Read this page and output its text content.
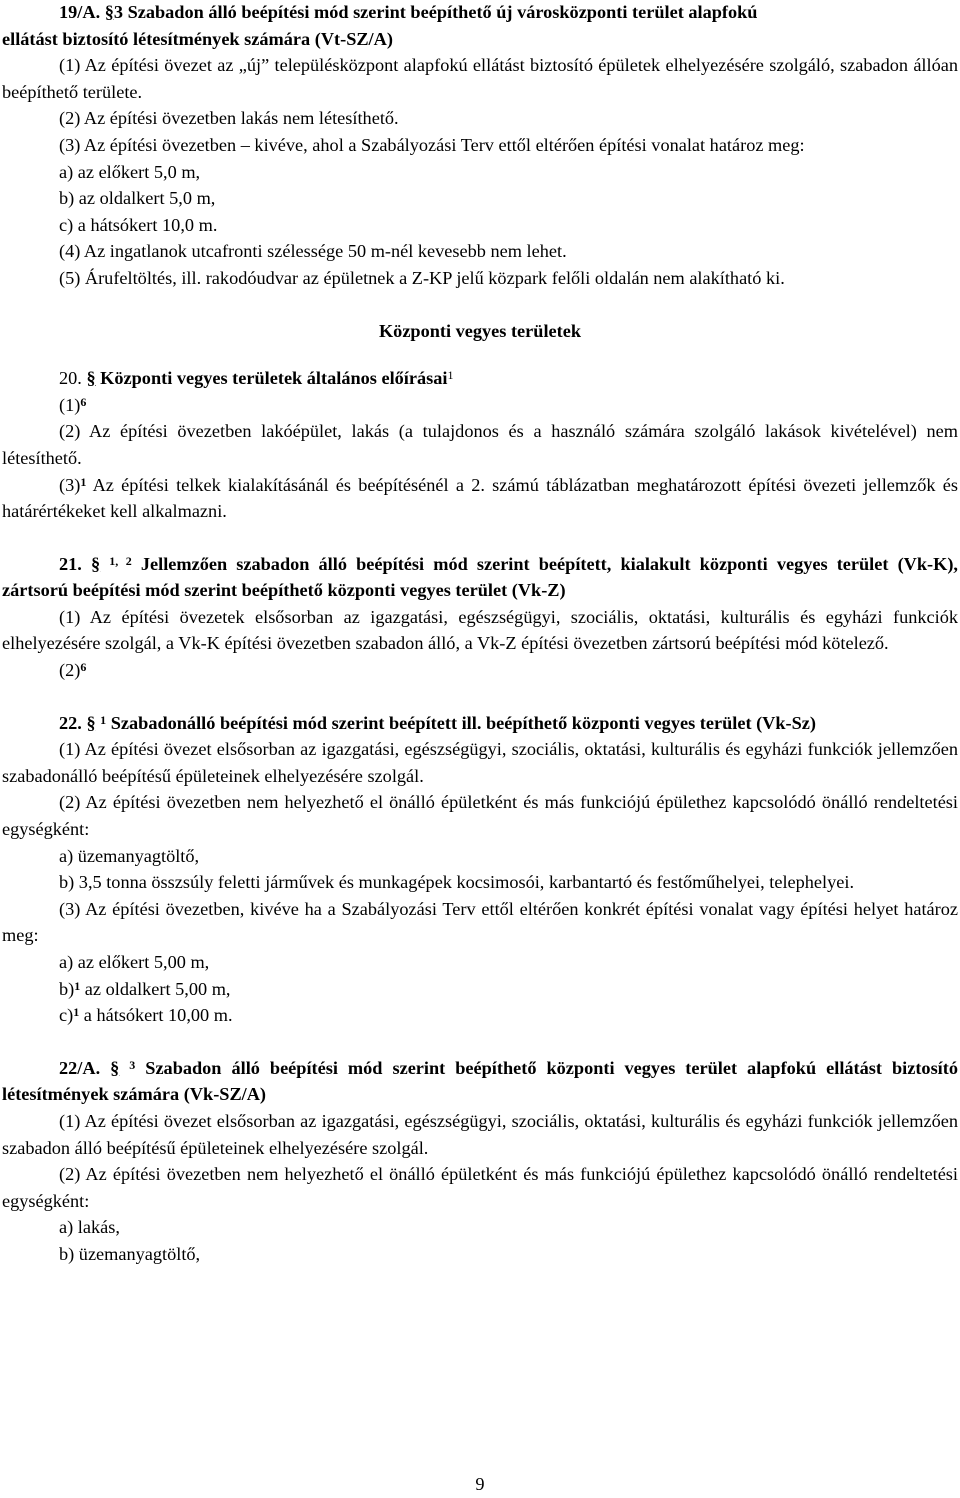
19/A. §3 Szabadon álló beépítési mód szerint beépíthető új városközponti terület alapfokú

ellátást biztosító létesítmények számára (Vt-SZ/A)

(1) Az építési övezet az „új” településközpont alapfokú ellátást biztosító épületek elhelyezésére szolgáló, szabadon állóan beépíthető területe.

(2) Az építési övezetben lakás nem létesíthető.

(3) Az építési övezetben – kivéve, ahol a Szabályozási Terv ettől eltérően építési vonalat határoz meg:

a) az előkert 5,0 m,

b) az oldalkert 5,0 m,

c) a hátsókert 10,0 m.

(4) Az ingatlanok utcafronti szélessége 50 m-nél kevesebb nem lehet.

(5) Árufeltöltés, ill. rakodóudvar az épületnek a Z-KP jelű közpark felőli oldalán nem alakítható ki.

Központi vegyes területek

20. § Központi vegyes területek általános előírásai$^1$

$(1)^6$

(2) Az építési övezetben lakóépület, lakás (a tulajdonos és a használó számára szolgáló lakások kivételével) nem létesíthető.

$(3)^1$ Az építési telkek kialakításánál és beépítésénél a 2. számú táblázatban meghatározott építési övezeti jellemzők és határértékeket kell alkalmazni.

21. § $^{1, 2}$ Jellemzően szabadon álló beépítési mód szerint beépített, kialakult központi vegyes terület (Vk-K), zártsorú beépítési mód szerint beépíthető központi vegyes terület (Vk-Z)

(1) Az építési övezetek elsősorban az igazgatási, egészségügyi, szociális, oktatási, kulturális és egyházi funkciók elhelyezésére szolgál, a Vk-K építési övezetben szabadon álló, a Vk-Z építési övezetben zártsorú beépítési mód kötelező.

$(2)^6$

22. § $^1$ Szabadonálló beépítési mód szerint beépített ill. beépíthető központi vegyes terület (Vk-Sz)

(1) Az építési övezet elsősorban az igazgatási, egészségügyi, szociális, oktatási, kulturális és egyházi funkciók jellemzően szabadonálló beépítésű épületeinek elhelyezésére szolgál.

(2) Az építési övezetben nem helyezhető el önálló épületként és más funkciójú épülethez kapcsolódó önálló rendeltetési egységként:

a) üzemanyagtöltő,

b) 3,5 tonna összsúly feletti járművek és munkagépek kocsimosói, karbantartó és festőműhelyei, telephelyei.

(3) Az építési övezetben, kivéve ha a Szabályozási Terv ettől eltérően konkrét építési vonalat vagy építési helyet határoz meg:

a) az előkert 5,00 m,

b)$^1$ az oldalkert 5,00 m,

c)$^1$ a hátsókert 10,00 m.

22/A. § $^3$ Szabadon álló beépítési mód szerint beépíthető központi vegyes terület alapfokú ellátást biztosító létesítmények számára (Vk-SZ/A)

(1) Az építési övezet elsősorban az igazgatási, egészségügyi, szociális, oktatási, kulturális és egyházi funkciók jellemzően szabadon álló beépítésű épületeinek elhelyezésére szolgál.

(2) Az építési övezetben nem helyezhető el önálló épületként és más funkciójú épülethez kapcsolódó önálló rendeltetési egységként:

a) lakás,

b) üzemanyagtöltő,

9
